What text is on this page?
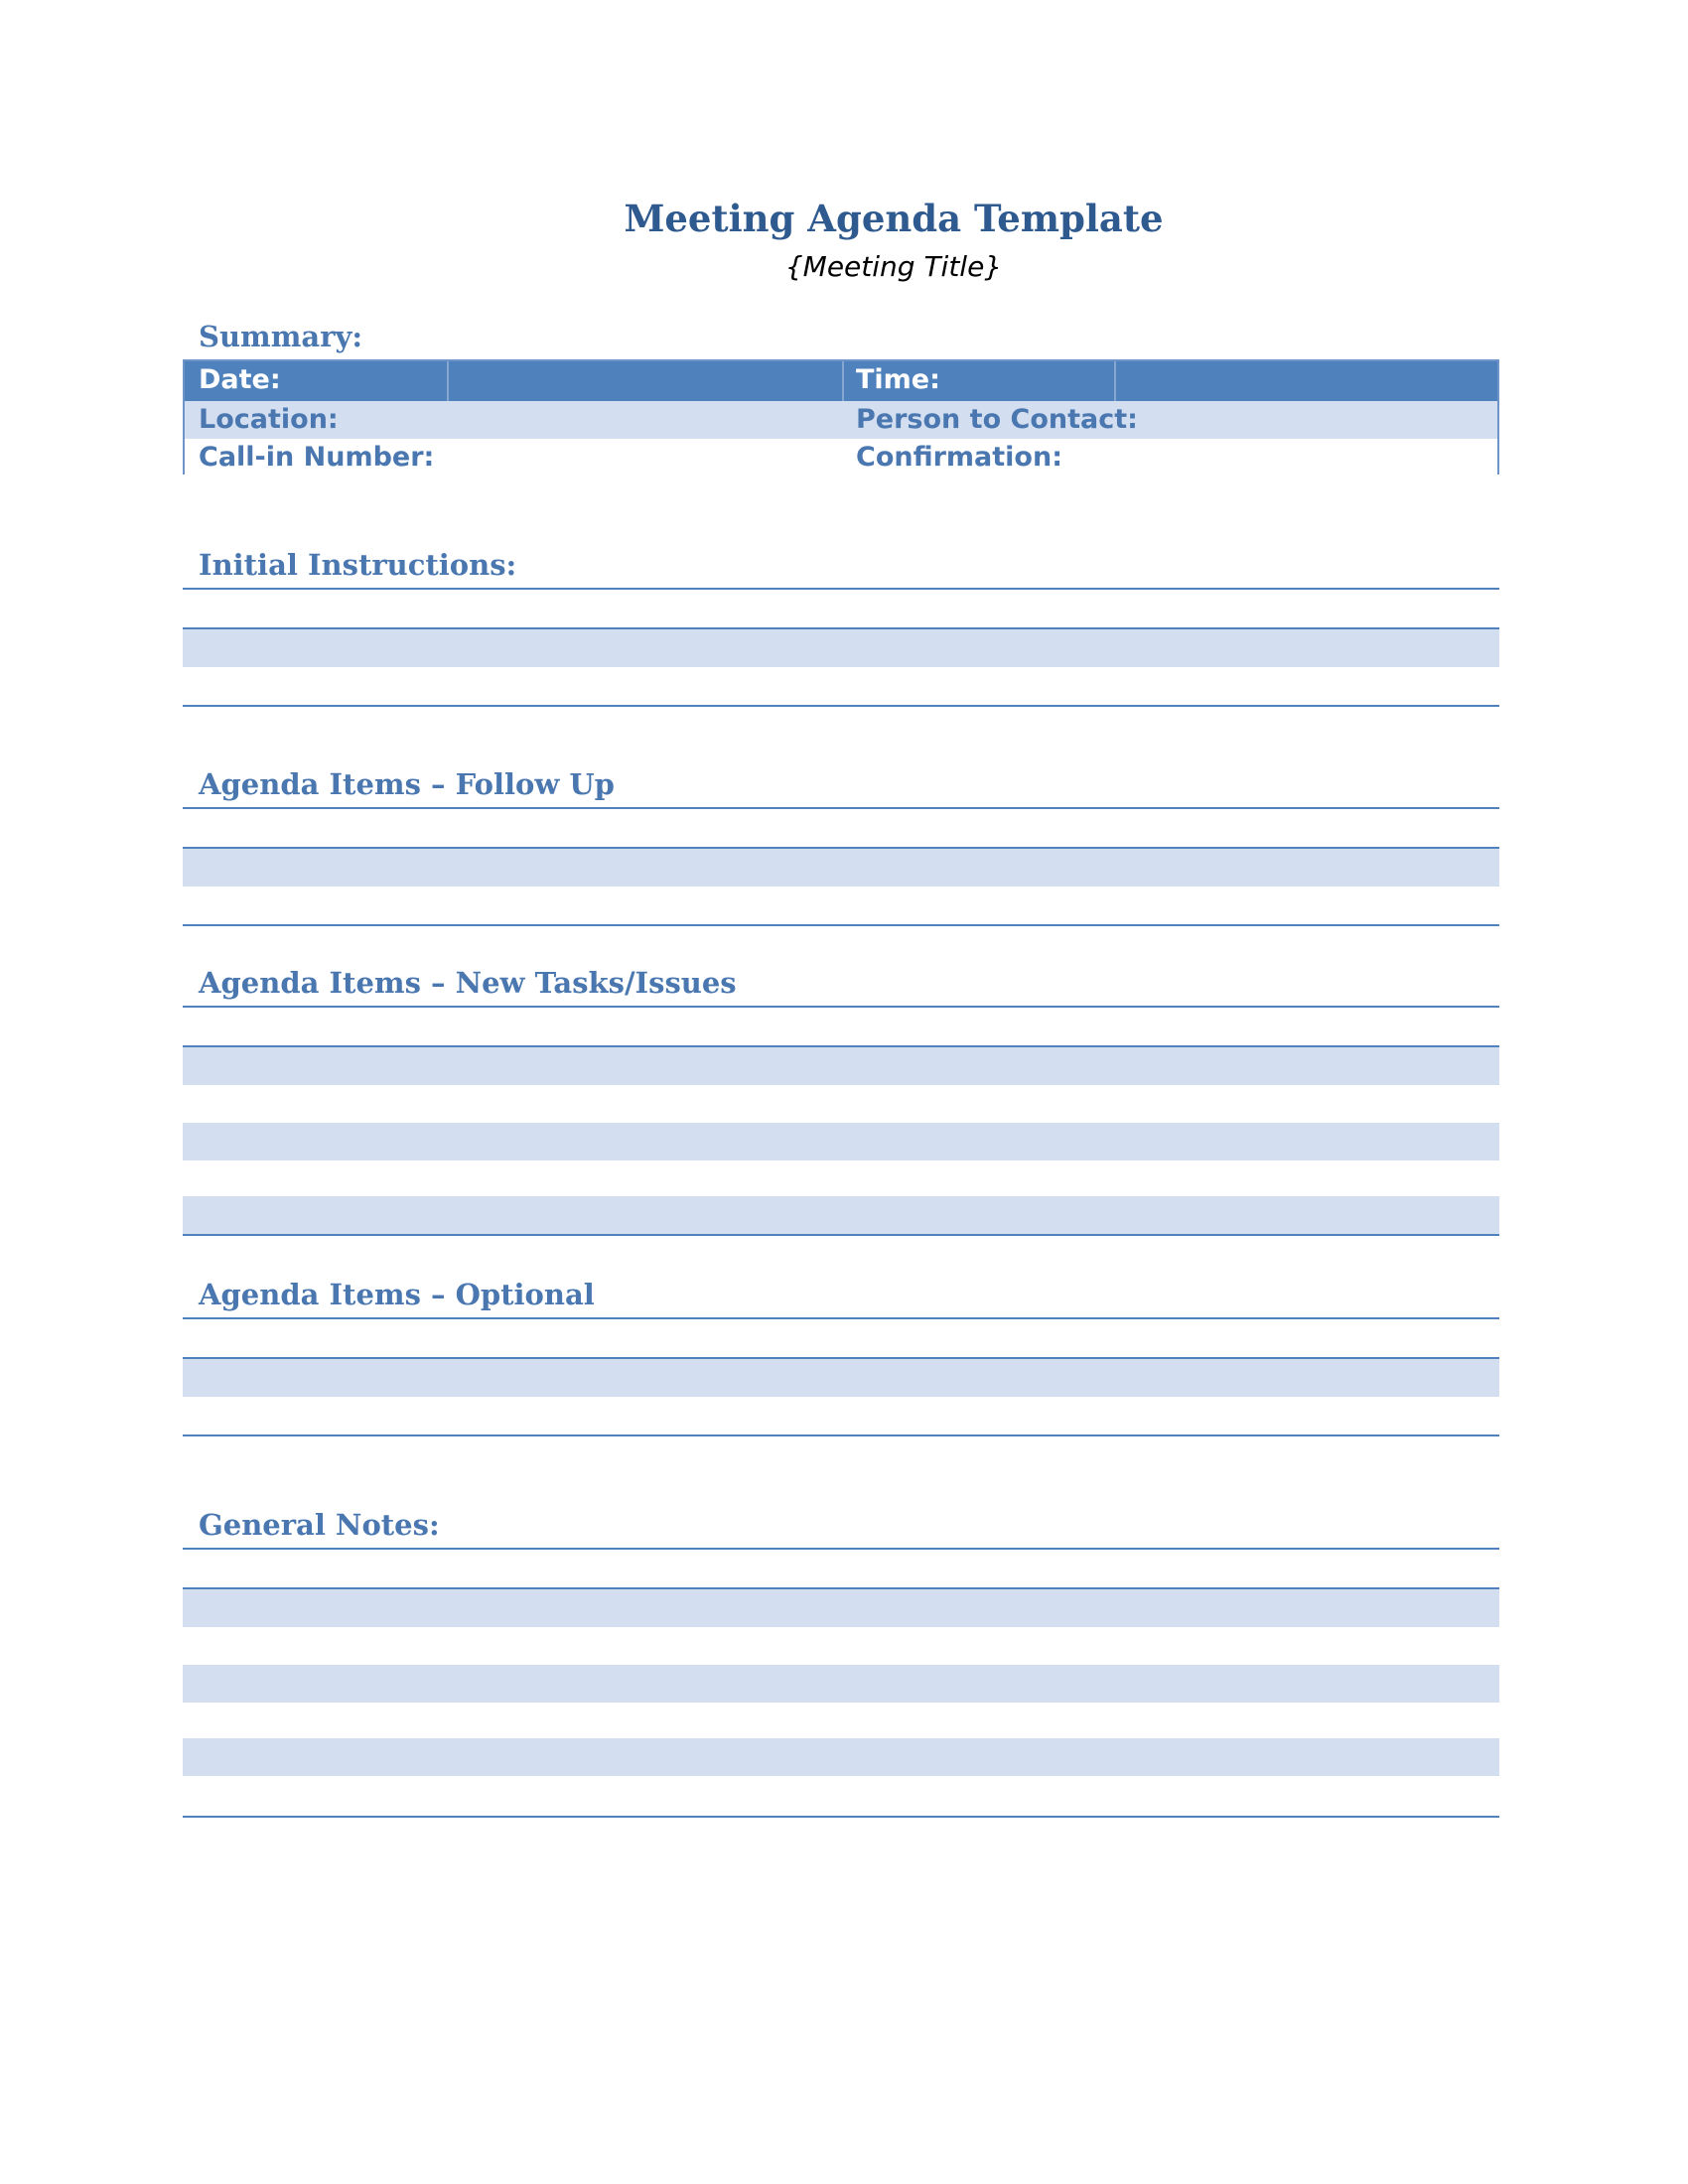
Meeting Agenda Template

{Meeting Title}

Summary:
Date:	Time:
Location:	Person to Contact:
Call-in Number:	Confirmation:
Initial Instructions:
Agenda Items – Follow Up
Agenda Items – New Tasks/Issues
Agenda Items – Optional
General Notes:
